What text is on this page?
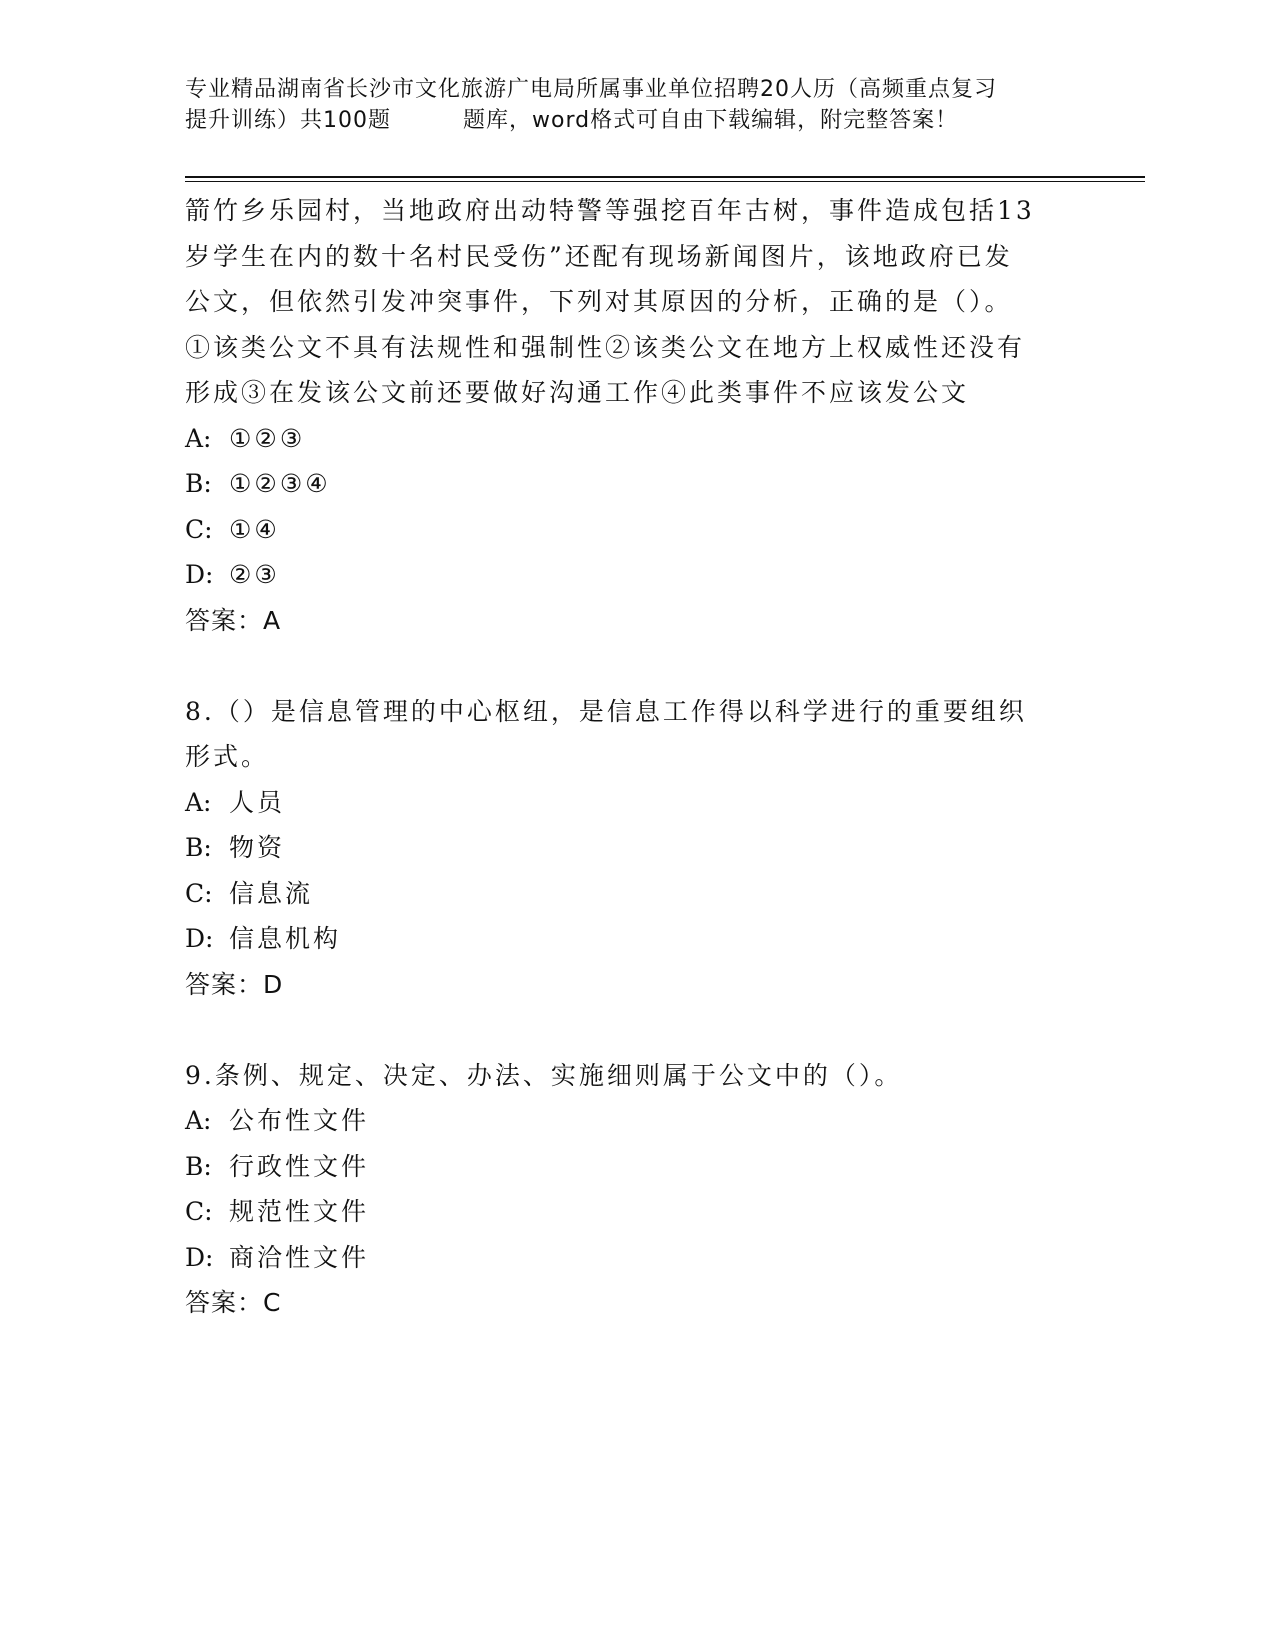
专业精品湖南省长沙市文化旅游广电局所属事业单位招聘20人历（高频重点复习
提升训练）共100题	题库，word格式可自由下载编辑，附完整答案！
箭竹乡乐园村，当地政府出动特警等强挖百年古树，事件造成包括13
岁学生在内的数十名村民受伤”还配有现场新闻图片，该地政府已发
公文，但依然引发冲突事件，下列对其原因的分析，正确的是（）。
①该类公文不具有法规性和强制性②该类公文在地方上权威性还没有
形成③在发该公文前还要做好沟通工作④此类事件不应该发公文
A: ①②③
B: ①②③④
C: ①④
D: ②③
答案：A
8.（）是信息管理的中心枢纽，是信息工作得以科学进行的重要组织
形式。
A: 人员
B: 物资
C: 信息流
D: 信息机构
答案：D
9.条例、规定、决定、办法、实施细则属于公文中的（）。
A: 公布性文件
B: 行政性文件
C: 规范性文件
D: 商洽性文件
答案：C
